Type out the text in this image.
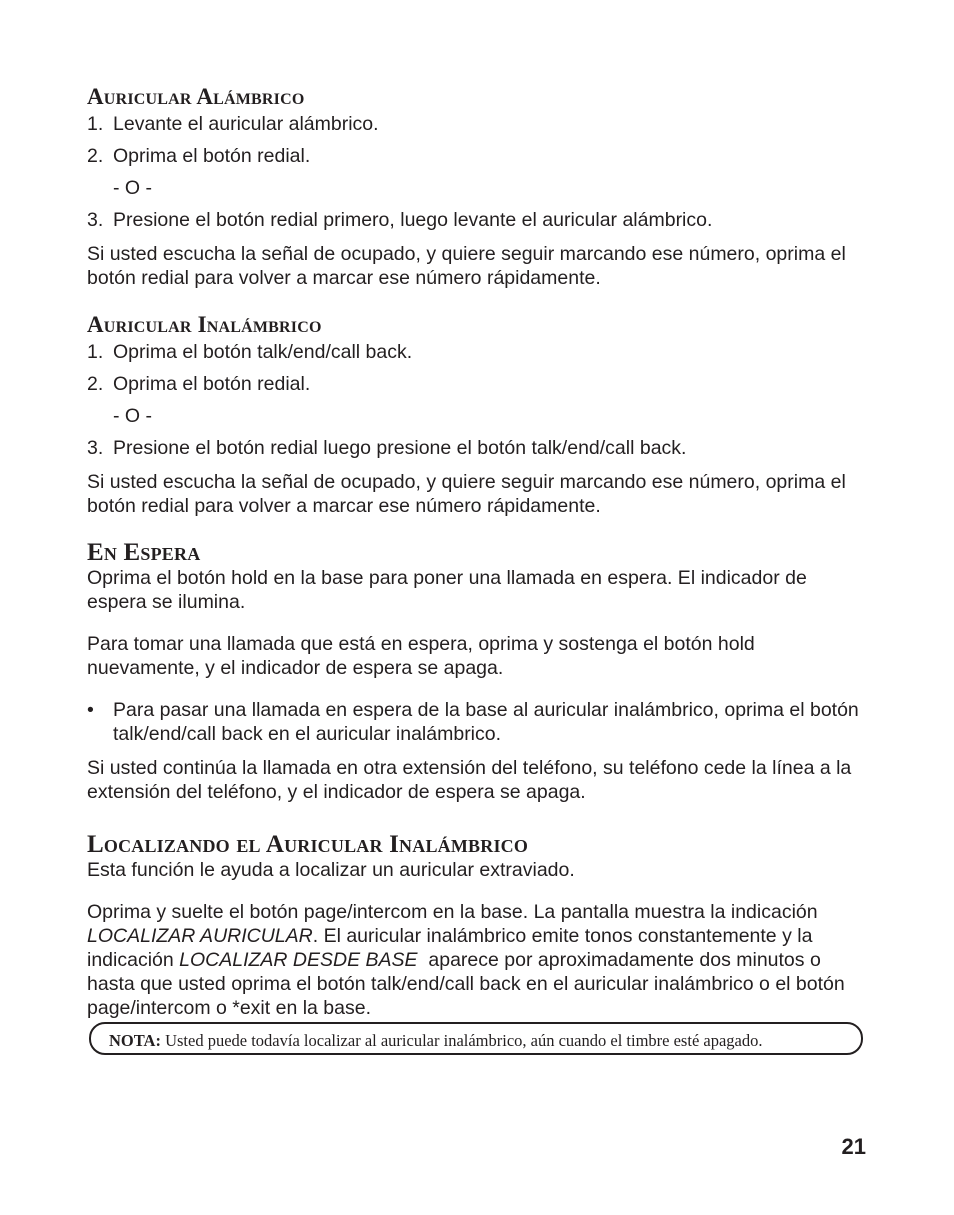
Auricular Alámbrico
1. Levante el auricular alámbrico.
2. Oprima el botón redial.

- O -

3. Presione el botón redial primero, luego levante el auricular alámbrico.

Si usted escucha la señal de ocupado, y quiere seguir marcando ese número, oprima el botón redial para volver a marcar ese número rápidamente.

Auricular Inalámbrico
1. Oprima el botón talk/end/call back.
2. Oprima el botón redial.

- O -

3. Presione el botón redial luego presione el botón talk/end/call back.

Si usted escucha la señal de ocupado, y quiere seguir marcando ese número, oprima el botón redial para volver a marcar ese número rápidamente.

En Espera

Oprima el botón hold en la base para poner una llamada en espera. El indicador de espera se ilumina.

Para tomar una llamada que está en espera, oprima y sostenga el botón hold nuevamente, y el indicador de espera se apaga.

• Para pasar una llamada en espera de la base al auricular inalámbrico, oprima el botón talk/end/call back en el auricular inalámbrico.

Si usted continúa la llamada en otra extensión del teléfono, su teléfono cede la línea a la extensión del teléfono, y el indicador de espera se apaga.

Localizando el Auricular Inalámbrico

Esta función le ayuda a localizar un auricular extraviado.

Oprima y suelte el botón page/intercom en la base. La pantalla muestra la indicación LOCALIZAR AURICULAR. El auricular inalámbrico emite tonos constantemente y la indicación LOCALIZAR DESDE BASE  aparece por aproximadamente dos minutos o hasta que usted oprima el botón talk/end/call back en el auricular inalámbrico o el botón page/intercom o *exit en la base.

NOTA: Usted puede todavía localizar al auricular inalámbrico, aún cuando el timbre esté apagado.
21
